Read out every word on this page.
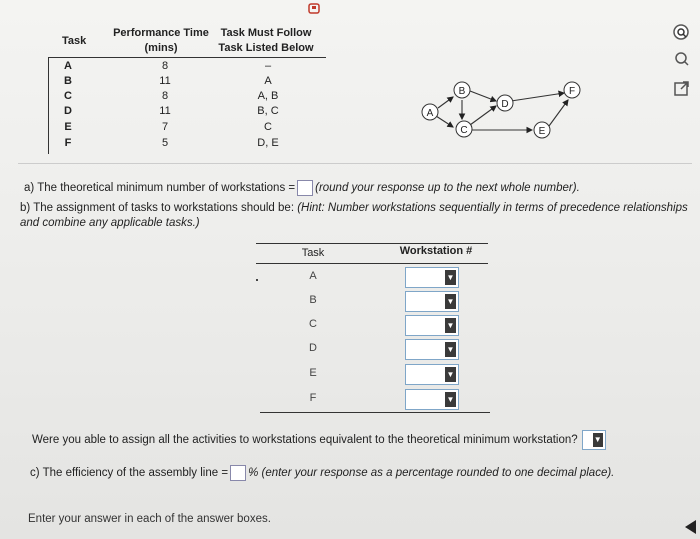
Task
Performance Time
(mins)
Task Must Follow
Task Listed Below
A	8	–
B	11	A
C	8	A, B
D	11	B, C
E	7	C
F	5	D, E
A
B
C
D
E
F
a) The theoretical minimum number of workstations = (round your response up to the next whole number).
b) The assignment of tasks to workstations should be: (Hint: Number workstations sequentially in terms of precedence relationships and combine any applicable tasks.)
Task	Workstation #
A	▼
B	▼
C	▼
D	▼
E	▼
F	▼
Were you able to assign all the activities to workstations equivalent to the theoretical minimum workstation? ▼
c) The efficiency of the assembly line = % (enter your response as a percentage rounded to one decimal place).
Enter your answer in each of the answer boxes.
